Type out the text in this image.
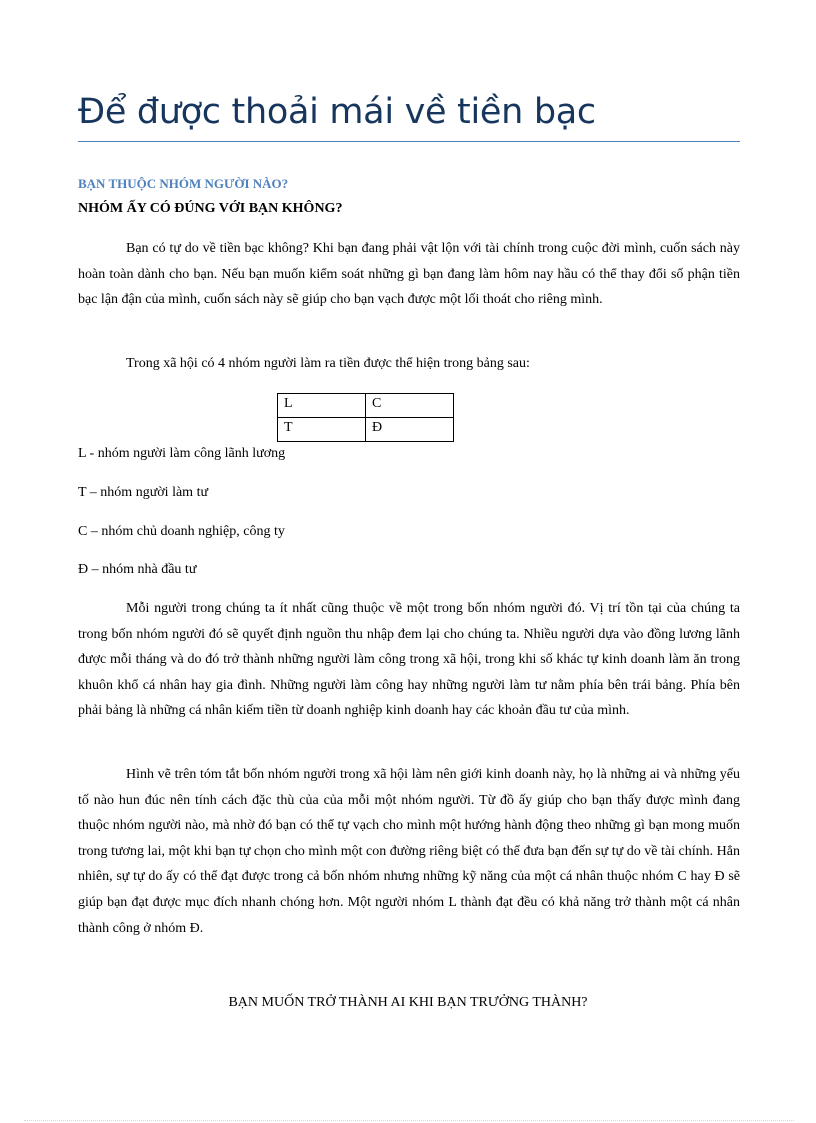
Để được thoải mái về tiền bạc
BẠN THUỘC NHÓM NGƯỜI NÀO?
NHÓM ẤY CÓ ĐÚNG VỚI BẠN KHÔNG?

Bạn có tự do về tiền bạc không? Khi bạn đang phải vật lộn với tài chính trong cuộc đời mình, cuốn sách này hoàn toàn dành cho bạn. Nếu bạn muốn kiểm soát những gì bạn đang làm hôm nay hầu có thể thay đổi số phận tiền bạc lận đận của mình, cuốn sách này sẽ giúp cho bạn vạch được một lối thoát cho riêng mình.

Trong xã hội có 4 nhóm người làm ra tiền được thể hiện trong bảng sau:

L	C
T	Đ

L - nhóm người làm công lãnh lương

T – nhóm người làm tư

C – nhóm chủ doanh nghiệp, công ty

Đ – nhóm nhà đầu tư

Mỗi người trong chúng ta ít nhất cũng thuộc về một trong bốn nhóm người đó. Vị trí tồn tại của chúng ta trong bốn nhóm người đó sẽ quyết định nguồn thu nhập đem lại cho chúng ta. Nhiều người dựa vào đồng lương lãnh được mỗi tháng và do đó trở thành những người làm công trong xã hội, trong khi số khác tự kinh doanh làm ăn trong khuôn khổ cá nhân hay gia đình. Những người làm công hay những người làm tư nằm phía bên trái bảng. Phía bên phải bảng là những cá nhân kiếm tiền từ doanh nghiệp kinh doanh hay các khoản đầu tư của mình.

Hình vẽ trên tóm tắt bốn nhóm người trong xã hội làm nên giới kinh doanh này, họ là những ai và những yếu tố nào hun đúc nên tính cách đặc thù của của mỗi một nhóm người. Từ đồ ấy giúp cho bạn thấy được mình đang thuộc nhóm người nào, mà nhờ đó bạn có thể tự vạch cho mình một hướng hành động theo những gì bạn mong muốn trong tương lai, một khi bạn tự chọn cho mình một con đường riêng biệt có thể đưa bạn đến sự tự do về tài chính. Hẳn nhiên, sự tự do ấy có thể đạt được trong cả bốn nhóm nhưng những kỹ năng của một cá nhân thuộc nhóm C hay Đ sẽ giúp bạn đạt được mục đích nhanh chóng hơn. Một người nhóm L thành đạt đều có khả năng trở thành một cá nhân thành công ở nhóm Đ.

BẠN MUỐN TRỞ THÀNH AI KHI BẠN TRƯỞNG THÀNH?
